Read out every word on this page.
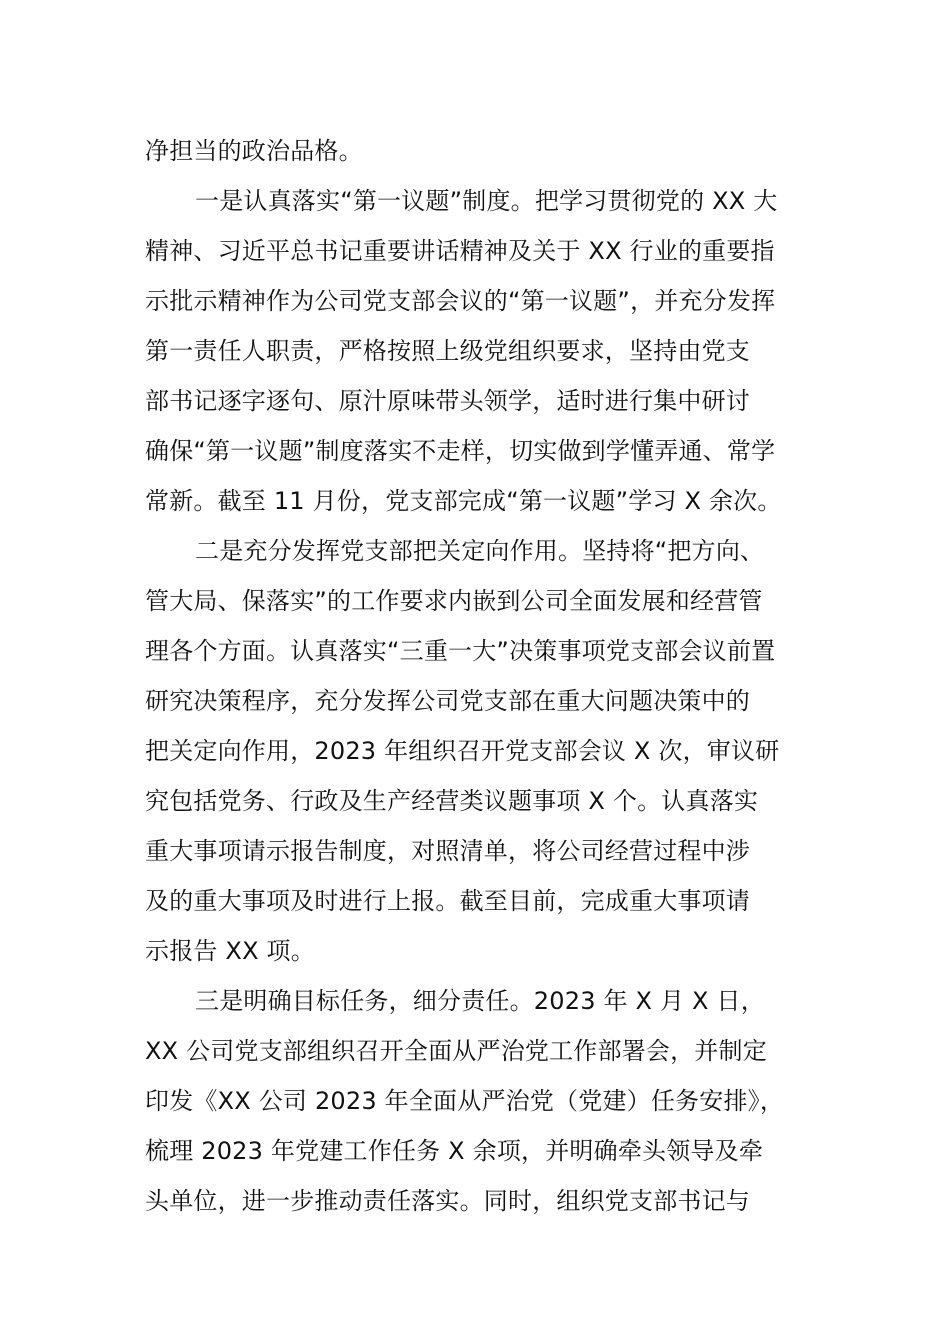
净担当的政治品格。
一是认真落实“第一议题”制度。把学习贯彻党的 XX 大
精神、习近平总书记重要讲话精神及关于 XX 行业的重要指
示批示精神作为公司党支部会议的“第一议题”，并充分发挥
第一责任人职责，严格按照上级党组织要求，坚持由党支
部书记逐字逐句、原汁原味带头领学，适时进行集中研讨
确保“第一议题”制度落实不走样，切实做到学懂弄通、常学
常新。截至 11 月份，党支部完成“第一议题”学习 X 余次。
二是充分发挥党支部把关定向作用。坚持将“把方向、
管大局、保落实”的工作要求内嵌到公司全面发展和经营管
理各个方面。认真落实“三重一大”决策事项党支部会议前置
研究决策程序，充分发挥公司党支部在重大问题决策中的
把关定向作用，2023 年组织召开党支部会议 X 次，审议研
究包括党务、行政及生产经营类议题事项 X 个。认真落实
重大事项请示报告制度，对照清单，将公司经营过程中涉
及的重大事项及时进行上报。截至目前，完成重大事项请
示报告 XX 项。
三是明确目标任务，细分责任。2023 年 X 月 X 日，
XX 公司党支部组织召开全面从严治党工作部署会，并制定
印发《XX 公司 2023 年全面从严治党（党建）任务安排》，
梳理 2023 年党建工作任务 X 余项，并明确牵头领导及牵
头单位，进一步推动责任落实。同时，组织党支部书记与
